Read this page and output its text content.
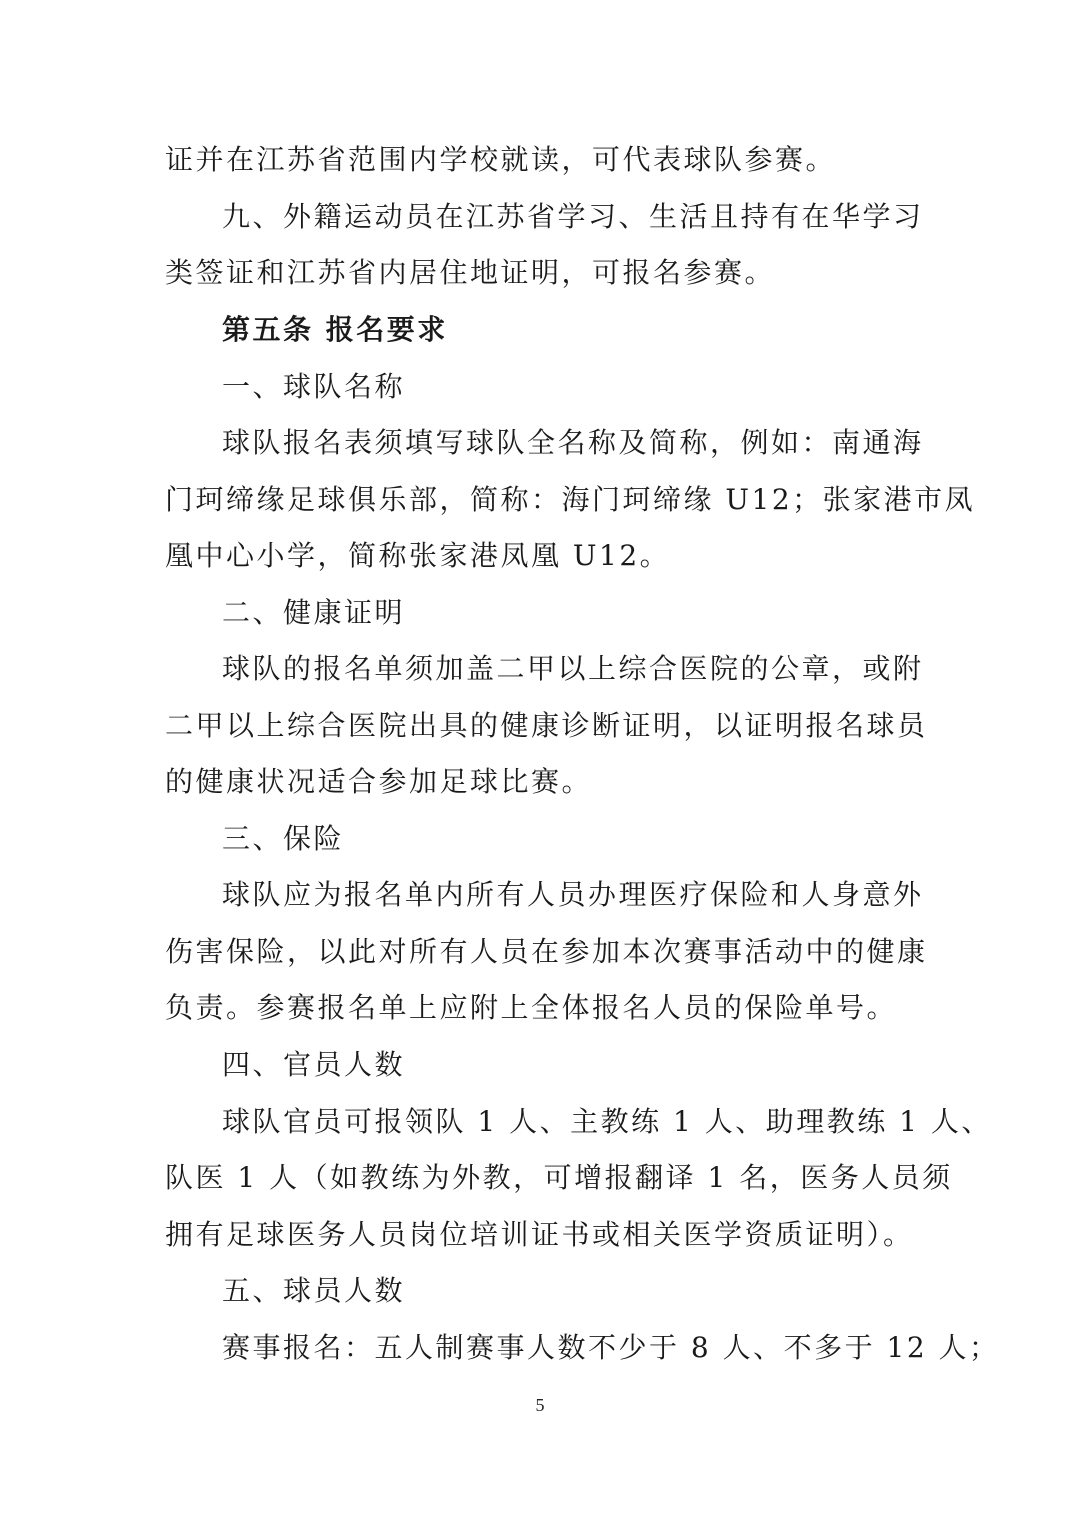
证并在江苏省范围内学校就读，可代表球队参赛。
九、外籍运动员在江苏省学习、生活且持有在华学习
类签证和江苏省内居住地证明，可报名参赛。
第五条 报名要求
一、球队名称
球队报名表须填写球队全名称及简称，例如：南通海
门珂缔缘足球俱乐部，简称：海门珂缔缘 U12；张家港市凤
凰中心小学，简称张家港凤凰 U12。
二、健康证明
球队的报名单须加盖二甲以上综合医院的公章，或附
二甲以上综合医院出具的健康诊断证明，以证明报名球员
的健康状况适合参加足球比赛。
三、保险
球队应为报名单内所有人员办理医疗保险和人身意外
伤害保险，以此对所有人员在参加本次赛事活动中的健康
负责。参赛报名单上应附上全体报名人员的保险单号。
四、官员人数
球队官员可报领队 1 人、主教练 1 人、助理教练 1 人、
队医 1 人（如教练为外教，可增报翻译 1 名，医务人员须
拥有足球医务人员岗位培训证书或相关医学资质证明）。
五、球员人数
赛事报名：五人制赛事人数不少于 8 人、不多于 12 人；
5
